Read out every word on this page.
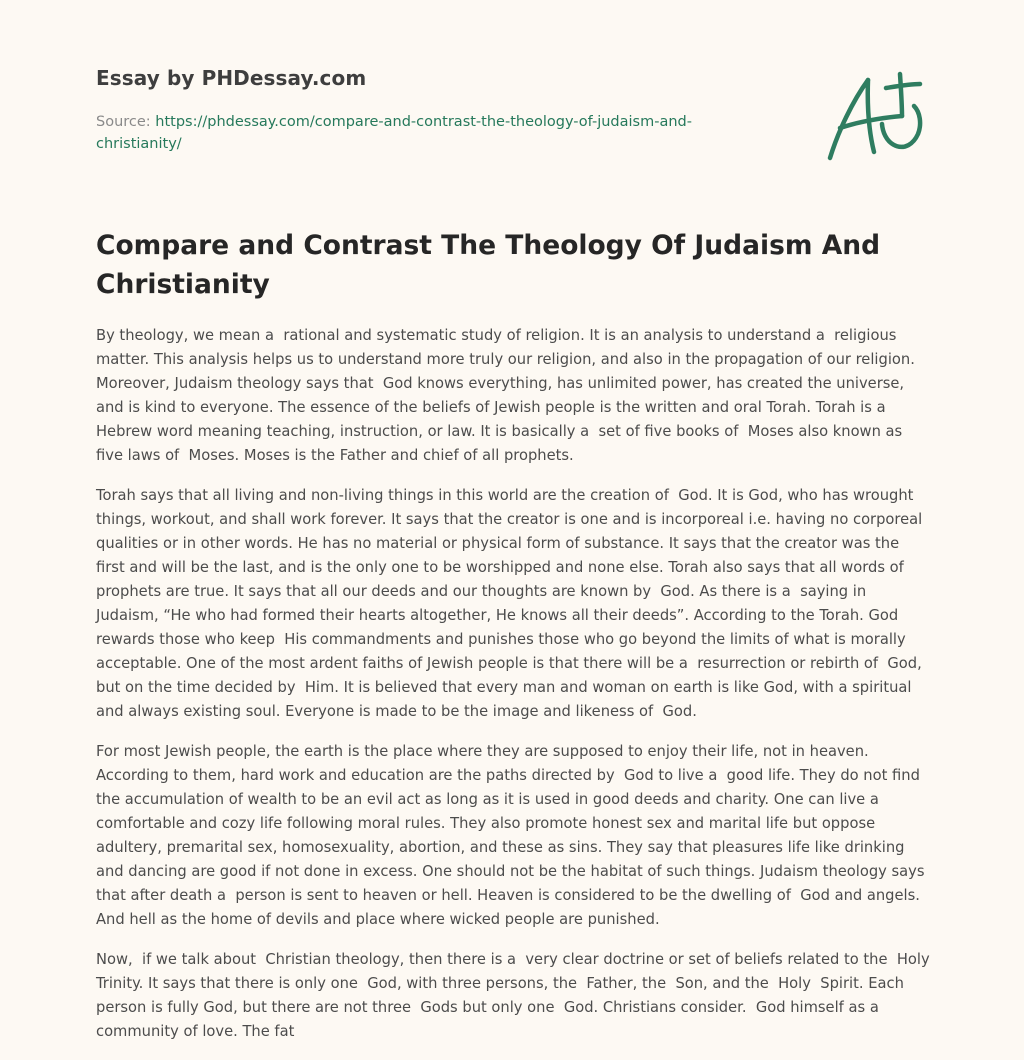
Essay by PHDessay.com

Source: https://phdessay.com/compare-and-contrast-the-theology-of-judaism-and-christianity/

Compare and Contrast The Theology Of Judaism And Christianity

By theology, we mean a  rational and systematic study of religion. It is an analysis to understand a  religious matter. This analysis helps us to understand more truly our religion, and also in the propagation of our religion. Moreover, Judaism theology says that  God knows everything, has unlimited power, has created the universe, and is kind to everyone. The essence of the beliefs of Jewish people is the written and oral Torah. Torah is a Hebrew word meaning teaching, instruction, or law. It is basically a  set of five books of  Moses also known as five laws of  Moses. Moses is the Father and chief of all prophets.

Torah says that all living and non-living things in this world are the creation of  God. It is God, who has wrought things, workout, and shall work forever. It says that the creator is one and is incorporeal i.e. having no corporeal qualities or in other words. He has no material or physical form of substance. It says that the creator was the first and will be the last, and is the only one to be worshipped and none else. Torah also says that all words of prophets are true. It says that all our deeds and our thoughts are known by  God. As there is a  saying in  Judaism, “He who had formed their hearts altogether, He knows all their deeds”. According to the Torah. God rewards those who keep  His commandments and punishes those who go beyond the limits of what is morally acceptable. One of the most ardent faiths of Jewish people is that there will be a  resurrection or rebirth of  God, but on the time decided by  Him. It is believed that every man and woman on earth is like God, with a spiritual and always existing soul. Everyone is made to be the image and likeness of  God.

For most Jewish people, the earth is the place where they are supposed to enjoy their life, not in heaven. According to them, hard work and education are the paths directed by  God to live a  good life. They do not find the accumulation of wealth to be an evil act as long as it is used in good deeds and charity. One can live a  comfortable and cozy life following moral rules. They also promote honest sex and marital life but oppose adultery, premarital sex, homosexuality, abortion, and these as sins. They say that pleasures life like drinking and dancing are good if not done in excess. One should not be the habitat of such things. Judaism theology says that after death a  person is sent to heaven or hell. Heaven is considered to be the dwelling of  God and angels. And hell as the home of devils and place where wicked people are punished.

Now,  if we talk about  Christian theology, then there is a  very clear doctrine or set of beliefs related to the  Holy  Trinity. It says that there is only one  God, with three persons, the  Father, the  Son, and the  Holy  Spirit. Each person is fully God, but there are not three  Gods but only one  God. Christians consider.  God himself as a  community of love. The fat
